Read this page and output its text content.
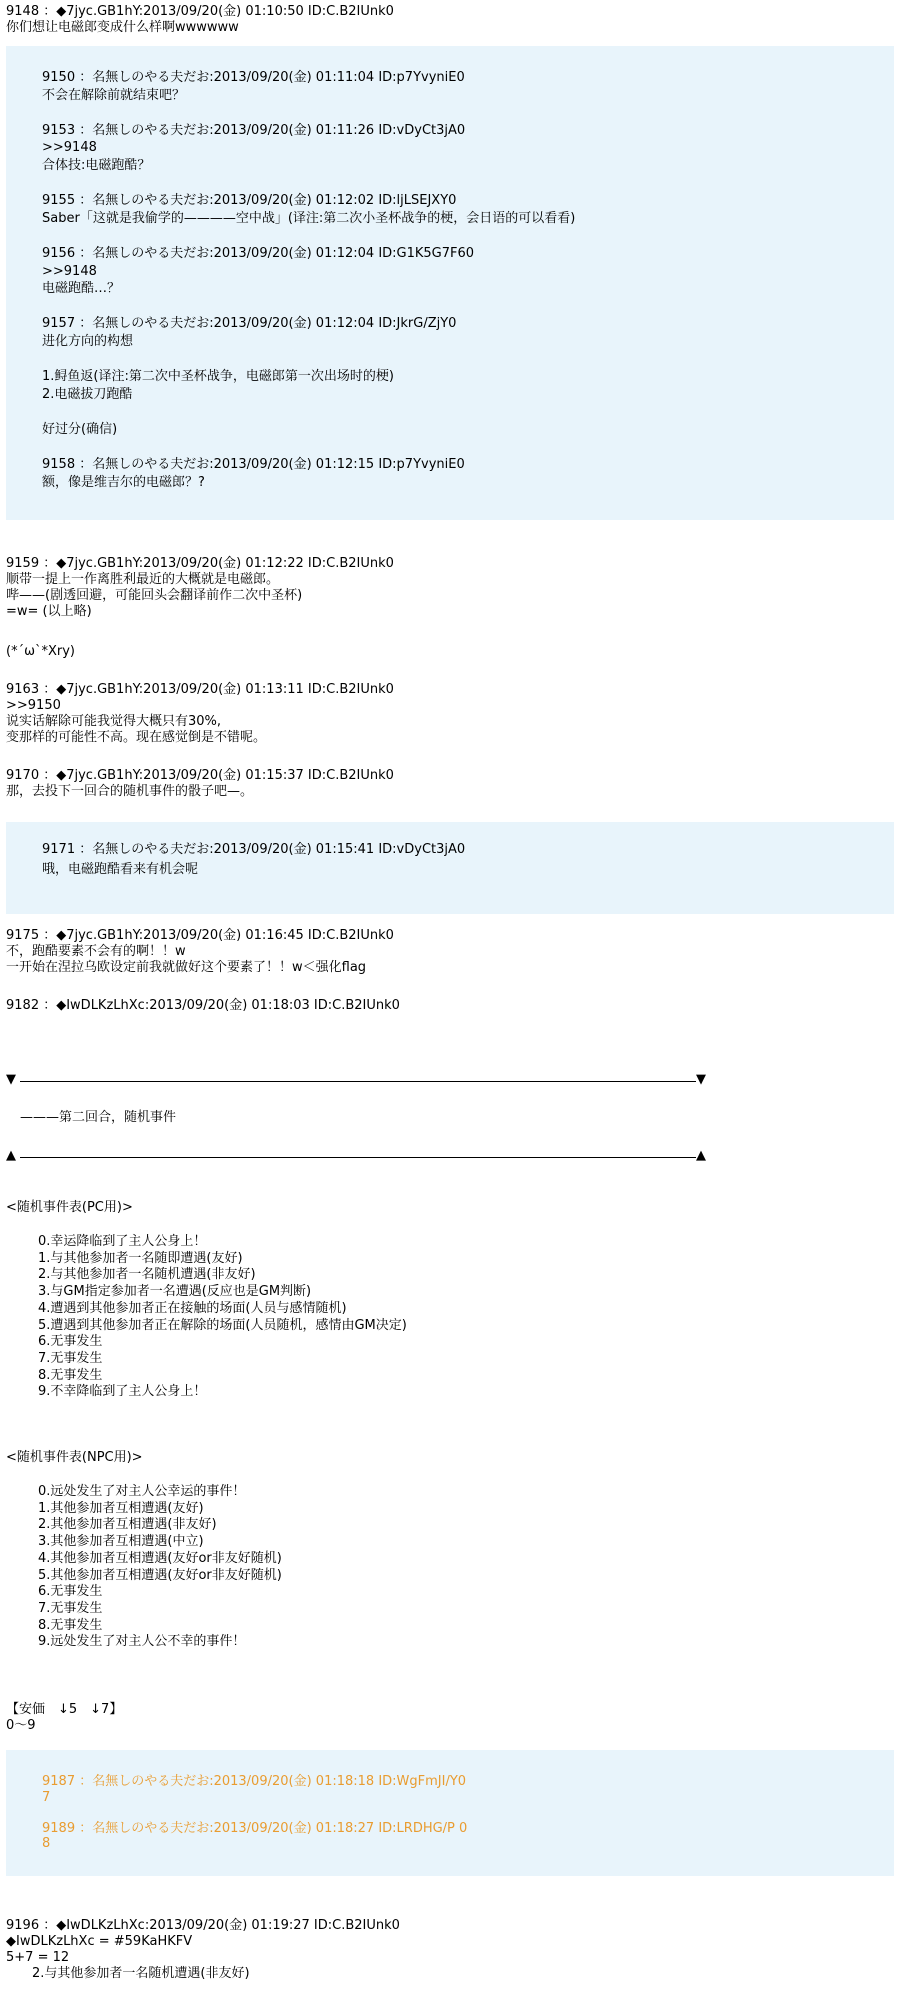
9148 ：◆7jyc.GB1hY:2013/09/20(金) 01:10:50 ID:C.B2IUnk0
你们想让电磁郎变成什么样啊wwwwww
9150 ：名無しのやる夫だお:2013/09/20(金) 01:11:04 ID:p7YvyniE0
不会在解除前就结束吧？
9153 ：名無しのやる夫だお:2013/09/20(金) 01:11:26 ID:vDyCt3jA0
>>9148
合体技:电磁跑酷？
9155 ：名無しのやる夫だお:2013/09/20(金) 01:12:02 ID:ljLSEJXY0
Saber「这就是我偷学的————空中战」(译注:第二次小圣杯战争的梗，会日语的可以看看)
9156 ：名無しのやる夫だお:2013/09/20(金) 01:12:04 ID:G1K5G7F60
>>9148
电磁跑酷…？
9157 ：名無しのやる夫だお:2013/09/20(金) 01:12:04 ID:JkrG/ZjY0
进化方向的构想
1.鲟鱼返(译注:第二次中圣杯战争，电磁郎第一次出场时的梗)
2.电磁拔刀跑酷
好过分(确信)
9158 ：名無しのやる夫だお:2013/09/20(金) 01:12:15 ID:p7YvyniE0
额，像是维吉尔的电磁郎？?
9159 ：◆7jyc.GB1hY:2013/09/20(金) 01:12:22 ID:C.B2IUnk0
顺带一提上一作离胜利最近的大概就是电磁郎。
哔——(剧透回避，可能回头会翻译前作二次中圣杯)
=w= (以上略)
(*´ω`*Xry)
9163 ：◆7jyc.GB1hY:2013/09/20(金) 01:13:11 ID:C.B2IUnk0
>>9150
说实话解除可能我觉得大概只有30%,
变那样的可能性不高。现在感觉倒是不错呢。
9170 ：◆7jyc.GB1hY:2013/09/20(金) 01:15:37 ID:C.B2IUnk0
那，去投下一回合的随机事件的骰子吧—。
9171 ：名無しのやる夫だお:2013/09/20(金) 01:15:41 ID:vDyCt3jA0
哦，电磁跑酷看来有机会呢
9175 ：◆7jyc.GB1hY:2013/09/20(金) 01:16:45 ID:C.B2IUnk0
不，跑酷要素不会有的啊！！w
一开始在涅拉乌欧设定前我就做好这个要素了！！w＜强化flag
9182 ：◆IwDLKzLhXc:2013/09/20(金) 01:18:03 ID:C.B2IUnk0
▼	▼
———第二回合，随机事件
▲	▲
<随机事件表(PC用)>
0.幸运降临到了主人公身上！
1.与其他参加者一名随即遭遇(友好)
2.与其他参加者一名随机遭遇(非友好)
3.与GM指定参加者一名遭遇(反应也是GM判断)
4.遭遇到其他参加者正在接触的场面(人员与感情随机)
5.遭遇到其他参加者正在解除的场面(人员随机，感情由GM决定)
6.无事发生
7.无事发生
8.无事发生
9.不幸降临到了主人公身上！
<随机事件表(NPC用)>
0.远处发生了对主人公幸运的事件！
1.其他参加者互相遭遇(友好)
2.其他参加者互相遭遇(非友好)
3.其他参加者互相遭遇(中立)
4.其他参加者互相遭遇(友好or非友好随机)
5.其他参加者互相遭遇(友好or非友好随机)
6.无事发生
7.无事发生
8.无事发生
9.远处发生了对主人公不幸的事件！
【安価　↓5　↓7】
0～9
9187 ：名無しのやる夫だお:2013/09/20(金) 01:18:18 ID:WgFmJI/Y0
7
9189 ：名無しのやる夫だお:2013/09/20(金) 01:18:27 ID:LRDHG/P 0
8
9196 ：◆IwDLKzLhXc:2013/09/20(金) 01:19:27 ID:C.B2IUnk0
◆IwDLKzLhXc = #59KaHKFV
5+7 = 12
　　2.与其他参加者一名随机遭遇(非友好)
